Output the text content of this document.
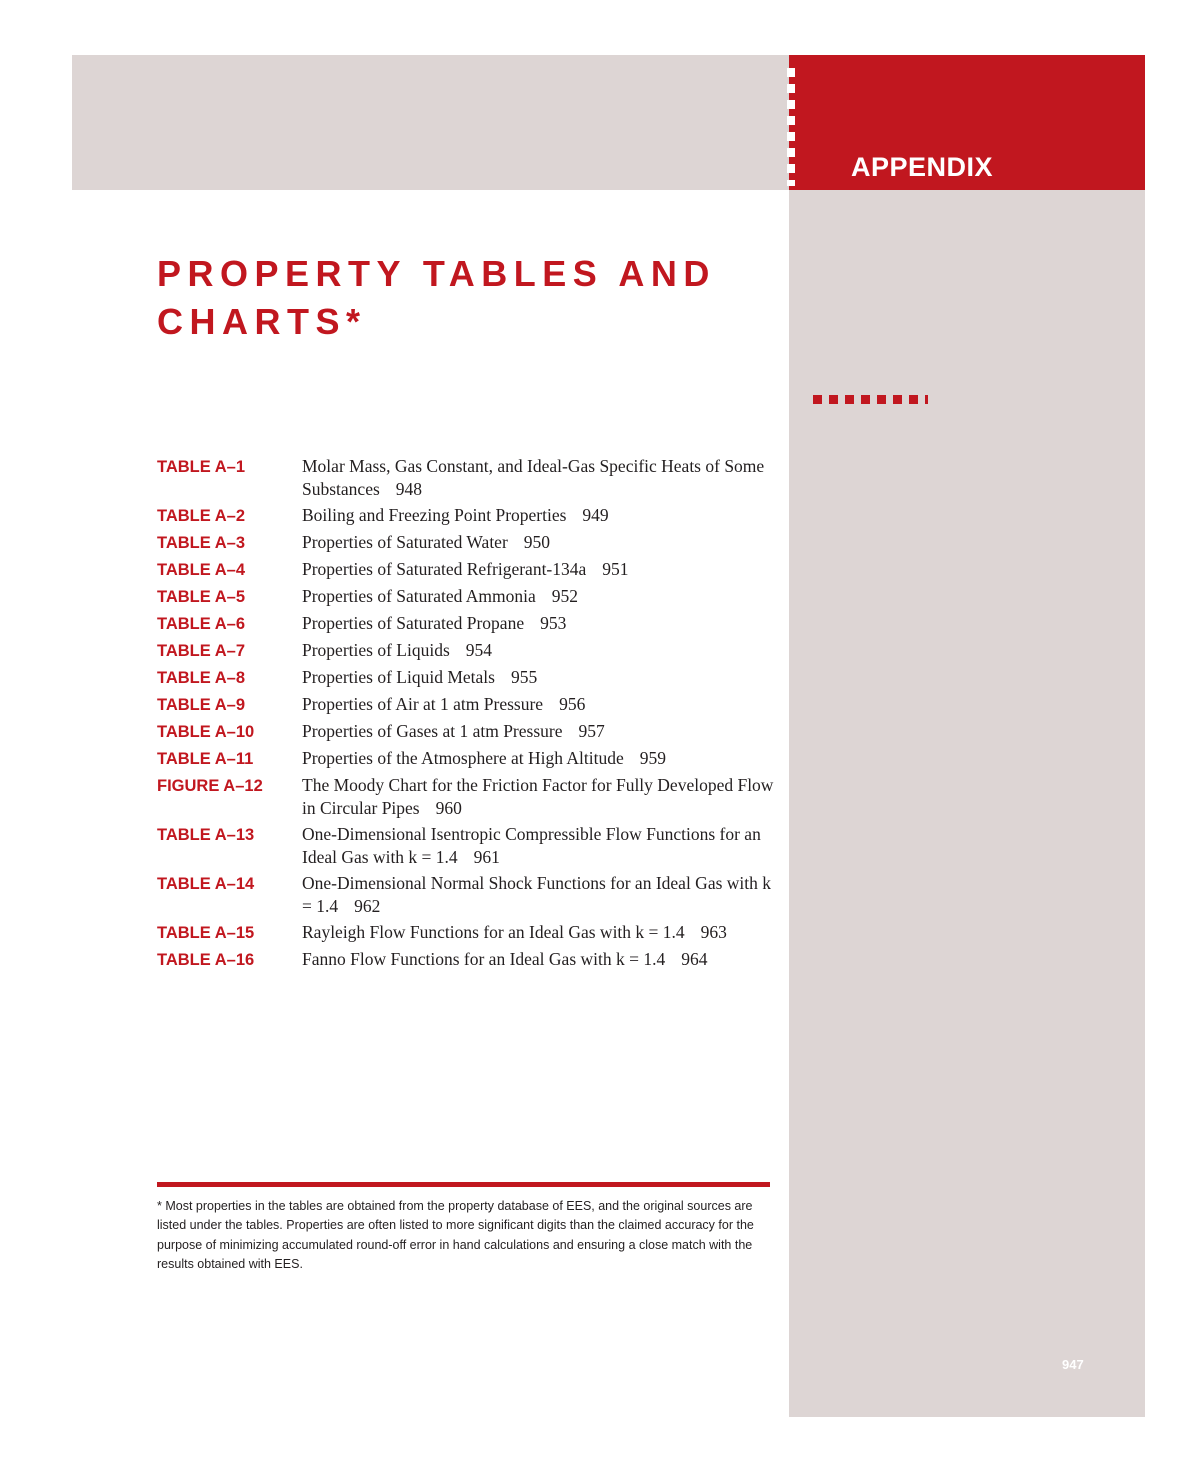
APPENDIX
947
PROPERTY TABLES AND CHARTS*
TABLE A–1	Molar Mass, Gas Constant, and Ideal-Gas Specific Heats of Some Substances 948
TABLE A–2	Boiling and Freezing Point Properties 949
TABLE A–3	Properties of Saturated Water 950
TABLE A–4	Properties of Saturated Refrigerant-134a 951
TABLE A–5	Properties of Saturated Ammonia 952
TABLE A–6	Properties of Saturated Propane 953
TABLE A–7	Properties of Liquids 954
TABLE A–8	Properties of Liquid Metals 955
TABLE A–9	Properties of Air at 1 atm Pressure 956
TABLE A–10	Properties of Gases at 1 atm Pressure 957
TABLE A–11	Properties of the Atmosphere at High Altitude 959
FIGURE A–12	The Moody Chart for the Friction Factor for Fully Developed Flow in Circular Pipes 960
TABLE A–13	One-Dimensional Isentropic Compressible Flow Functions for an Ideal Gas with k = 1.4 961
TABLE A–14	One-Dimensional Normal Shock Functions for an Ideal Gas with k = 1.4 962
TABLE A–15	Rayleigh Flow Functions for an Ideal Gas with k = 1.4 963
TABLE A–16	Fanno Flow Functions for an Ideal Gas with k = 1.4 964

* Most properties in the tables are obtained from the property database of EES, and the original sources are listed under the tables. Properties are often listed to more significant digits than the claimed accuracy for the purpose of minimizing accumulated round-off error in hand calculations and ensuring a close match with the results obtained with EES.
